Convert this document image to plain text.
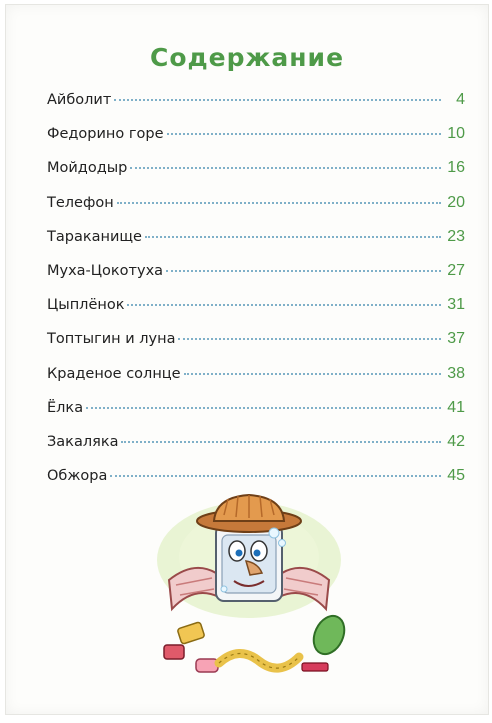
Содержание
Айболит	4
Федорино горе	10
Мойдодыр	16
Телефон	20
Тараканище	23
Муха-Цокотуха	27
Цыплёнок	31
Топтыгин и луна	37
Краденое солнце	38
Ёлка	41
Закаляка	42
Обжора	45
